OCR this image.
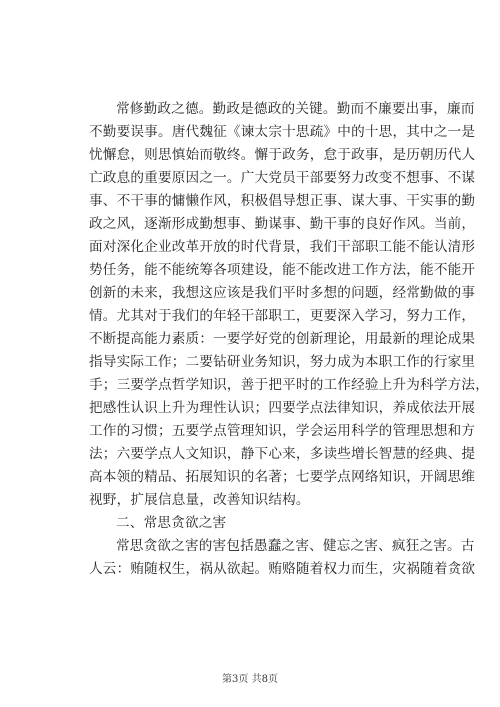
常修勤政之德。勤政是德政的关键。勤而不廉要出事，廉而
不勤要误事。唐代魏征《谏太宗十思疏》中的十思，其中之一是
忧懈怠，则思慎始而敬终。懈于政务，怠于政事，是历朝历代人
亡政息的重要原因之一。广大党员干部要努力改变不想事、不谋
事、不干事的慵懒作风，积极倡导想正事、谋大事、干实事的勤
政之风，逐渐形成勤想事、勤谋事、勤干事的良好作风。当前，
面对深化企业改革开放的时代背景，我们干部职工能不能认清形
势任务，能不能统筹各项建设，能不能改进工作方法，能不能开
创新的未来，我想这应该是我们平时多想的问题，经常勤做的事
情。尤其对于我们的年轻干部职工，更要深入学习，努力工作，
不断提高能力素质：一要学好党的创新理论，用最新的理论成果
指导实际工作；二要钻研业务知识，努力成为本职工作的行家里
手；三要学点哲学知识，善于把平时的工作经验上升为科学方法，
把感性认识上升为理性认识；四要学点法律知识，养成依法开展
工作的习惯；五要学点管理知识，学会运用科学的管理思想和方
法；六要学点人文知识，静下心来，多读些增长智慧的经典、提
高本领的精品、拓展知识的名著；七要学点网络知识，开阔思维
视野，扩展信息量，改善知识结构。
二、常思贪欲之害
常思贪欲之害的害包括愚蠢之害、健忘之害、疯狂之害。古
人云：贿随权生，祸从欲起。贿赂随着权力而生，灾祸随着贪欲
第3页 共8页
